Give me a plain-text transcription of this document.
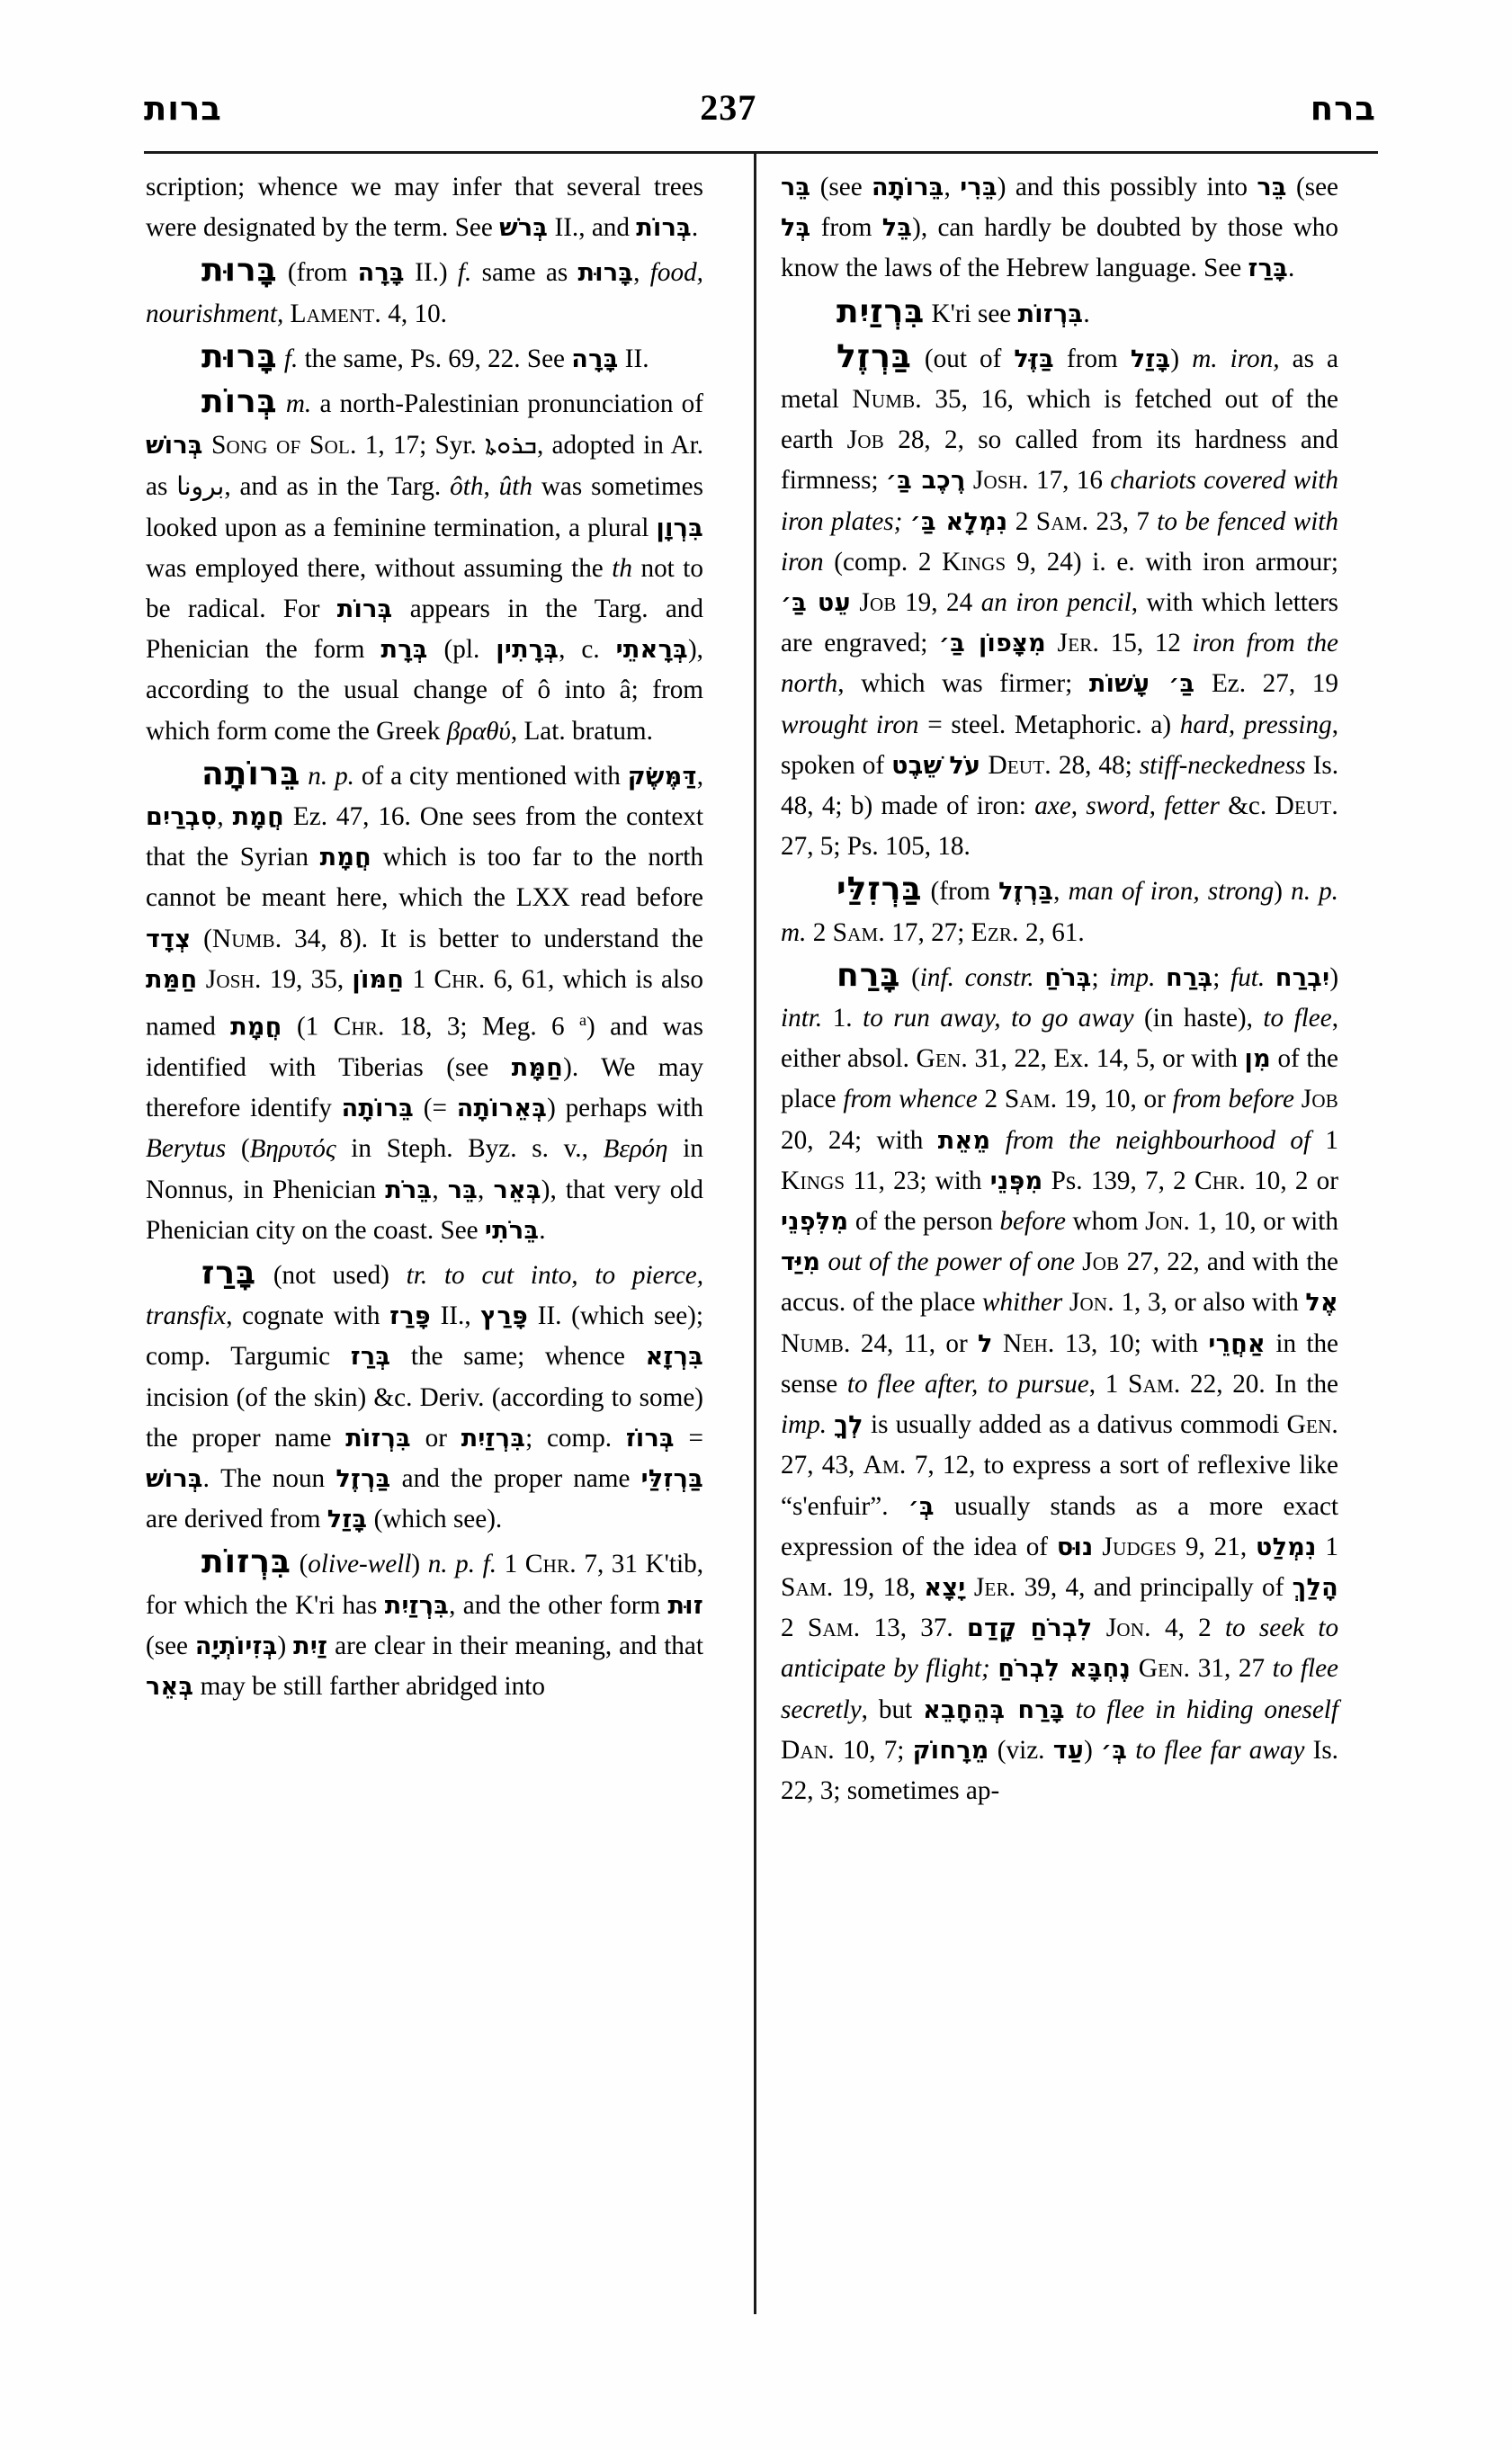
ברות	237	ברח

scription; whence we may infer that several trees were designated by the term. See בְּרֹשׁ II., and בְּרוֹת.

בָּרוּת (from בָּרָה II.) f. same as בָּרוּת, food, nourishment, Lament. 4, 10.

בָּרוּת f. the same, Ps. 69, 22. See בָּרָה II.

בְּרוֹת m. a north-Palestinian pronunciation of בְּרוֹשׁ Song of Sol. 1, 17; Syr. ܒܪܘܬܐ, adopted in Ar. as برونا, and as in the Targ. ôth, ûth was sometimes looked upon as a feminine termination, a plural בִּרְוָן was employed there, without assuming the th not to be radical. For בְּרוֹת appears in the Targ. and Phenician the form בְּרָת (pl. בְּרָתִין, c. בְּרָאתֵי), according to the usual change of ô into â; from which form come the Greek βραθύ, Lat. bratum.

בֵּרוֹתָה n. p. of a city mentioned with דַּמֶּשֶׂק, סִבְרַיִם, חֲמָת Ez. 47, 16. One sees from the context that the Syrian חֲמָת which is too far to the north cannot be meant here, which the LXX read before צְדָד (Numb. 34, 8). It is better to understand the חַמַּת Josh. 19, 35, חַמּוֹן 1 Chr. 6, 61, which is also named חֲמָת (1 Chr. 18, 3; Meg. 6 $^a$) and was identified with Tiberias (see חַמָּת). We may therefore identify בֵּרוֹתָה (= בְּאֵרוֹתָה) perhaps with Berytus (Βηρυτός in Steph. Byz. s. v., Βερόη in Nonnus, in Phenician בֵּרֹת, בֵּר, בְּאֵר), that very old Phenician city on the coast. See בֵּרֹתִי.

בָּרַז (not used) tr. to cut into, to pierce, transfix, cognate with פָּרַז II., פָּרַץ II. (which see); comp. Targumic בְּרַז the same; whence בִּרְזָא incision (of the skin) &c. Deriv. (according to some) the proper name בִּרְזוֹת or בִּרְזַיִת; comp. בְּרוֹז = בְּרוֹשׁ. The noun בַּרְזֶל and the proper name בַּרְזִלַּי are derived from בָּזַל (which see).

בִּרְזוֹת (olive-well) n. p. f. 1 Chr. 7, 31 K'tib, for which the K'ri has בִּרְזַיִת, and the other form זוּת (see בְּזִיוֹתְיָה) זַיִת are clear in their meaning, and that בְּאֵר may be still farther abridged into

בֵּר (see בֵּרוֹתָה, בֵּרִי) and this possibly into בֵּר (see בְּל from בֵּל), can hardly be doubted by those who know the laws of the Hebrew language. See בָּרַז.

בִּרְזַיִת K'ri see בִּרְזוֹת.

בַּרְזֶל (out of בַּזֶּל from בָּזַל) m. iron, as a metal Numb. 35, 16, which is fetched out of the earth Job 28, 2, so called from its hardness and firmness; רֶכֶב בַּ׳ Josh. 17, 16 chariots covered with iron plates; נִמְלָא בַּ׳ 2 Sam. 23, 7 to be fenced with iron (comp. 2 Kings 9, 24) i. e. with iron armour; עֵט בַּ׳ Job 19, 24 an iron pencil, with which letters are engraved; מִצָּפוֹן בַּ׳ Jer. 15, 12 iron from the north, which was firmer; בַּ׳ עָשׁוֹת Ez. 27, 19 wrought iron = steel. Metaphoric. a) hard, pressing, spoken of שֵׁבֶט עֹל Deut. 28, 48; stiff-neckedness Is. 48, 4; b) made of iron: axe, sword, fetter &c. Deut. 27, 5; Ps. 105, 18.

בַּרְזִלַּי (from בַּרְזֶל, man of iron, strong) n. p. m. 2 Sam. 17, 27; Ezr. 2, 61.

בָּרַח (inf. constr. בְּרֹחַ; imp. בְּרַח; fut. יִבְרַח) intr. 1. to run away, to go away (in haste), to flee, either absol. Gen. 31, 22, Ex. 14, 5, or with מִן of the place from whence 2 Sam. 19, 10, or from before Job 20, 24; with מֵאֵת from the neighbourhood of 1 Kings 11, 23; with מִפְּנֵי Ps. 139, 7, 2 Chr. 10, 2 or מִלִּפְנֵי of the person before whom Jon. 1, 10, or with מִיַּד out of the power of one Job 27, 22, and with the accus. of the place whither Jon. 1, 3, or also with אֶל Numb. 24, 11, or ל Neh. 13, 10; with אַחֲרֵי in the sense to flee after, to pursue, 1 Sam. 22, 20. In the imp. לְךָ is usually added as a dativus commodi Gen. 27, 43, Am. 7, 12, to express a sort of reflexive like “s'enfuir”. בְּ׳ usually stands as a more exact expression of the idea of נוּס Judges 9, 21, נִמְלַט 1 Sam. 19, 18, יָצָא Jer. 39, 4, and principally of הָלַךְ 2 Sam. 13, 37. קָדַם לִבְרֹחַ Jon. 4, 2 to seek to anticipate by flight; נֶחְבָּא לִבְרֹחַ Gen. 31, 27 to flee secretly, but בָּרַח בְּהֵחָבֵא to flee in hiding oneself Dan. 10, 7; מֵרָחוֹק (viz. עַד) בְּ׳ to flee far away Is. 22, 3; sometimes ap-
